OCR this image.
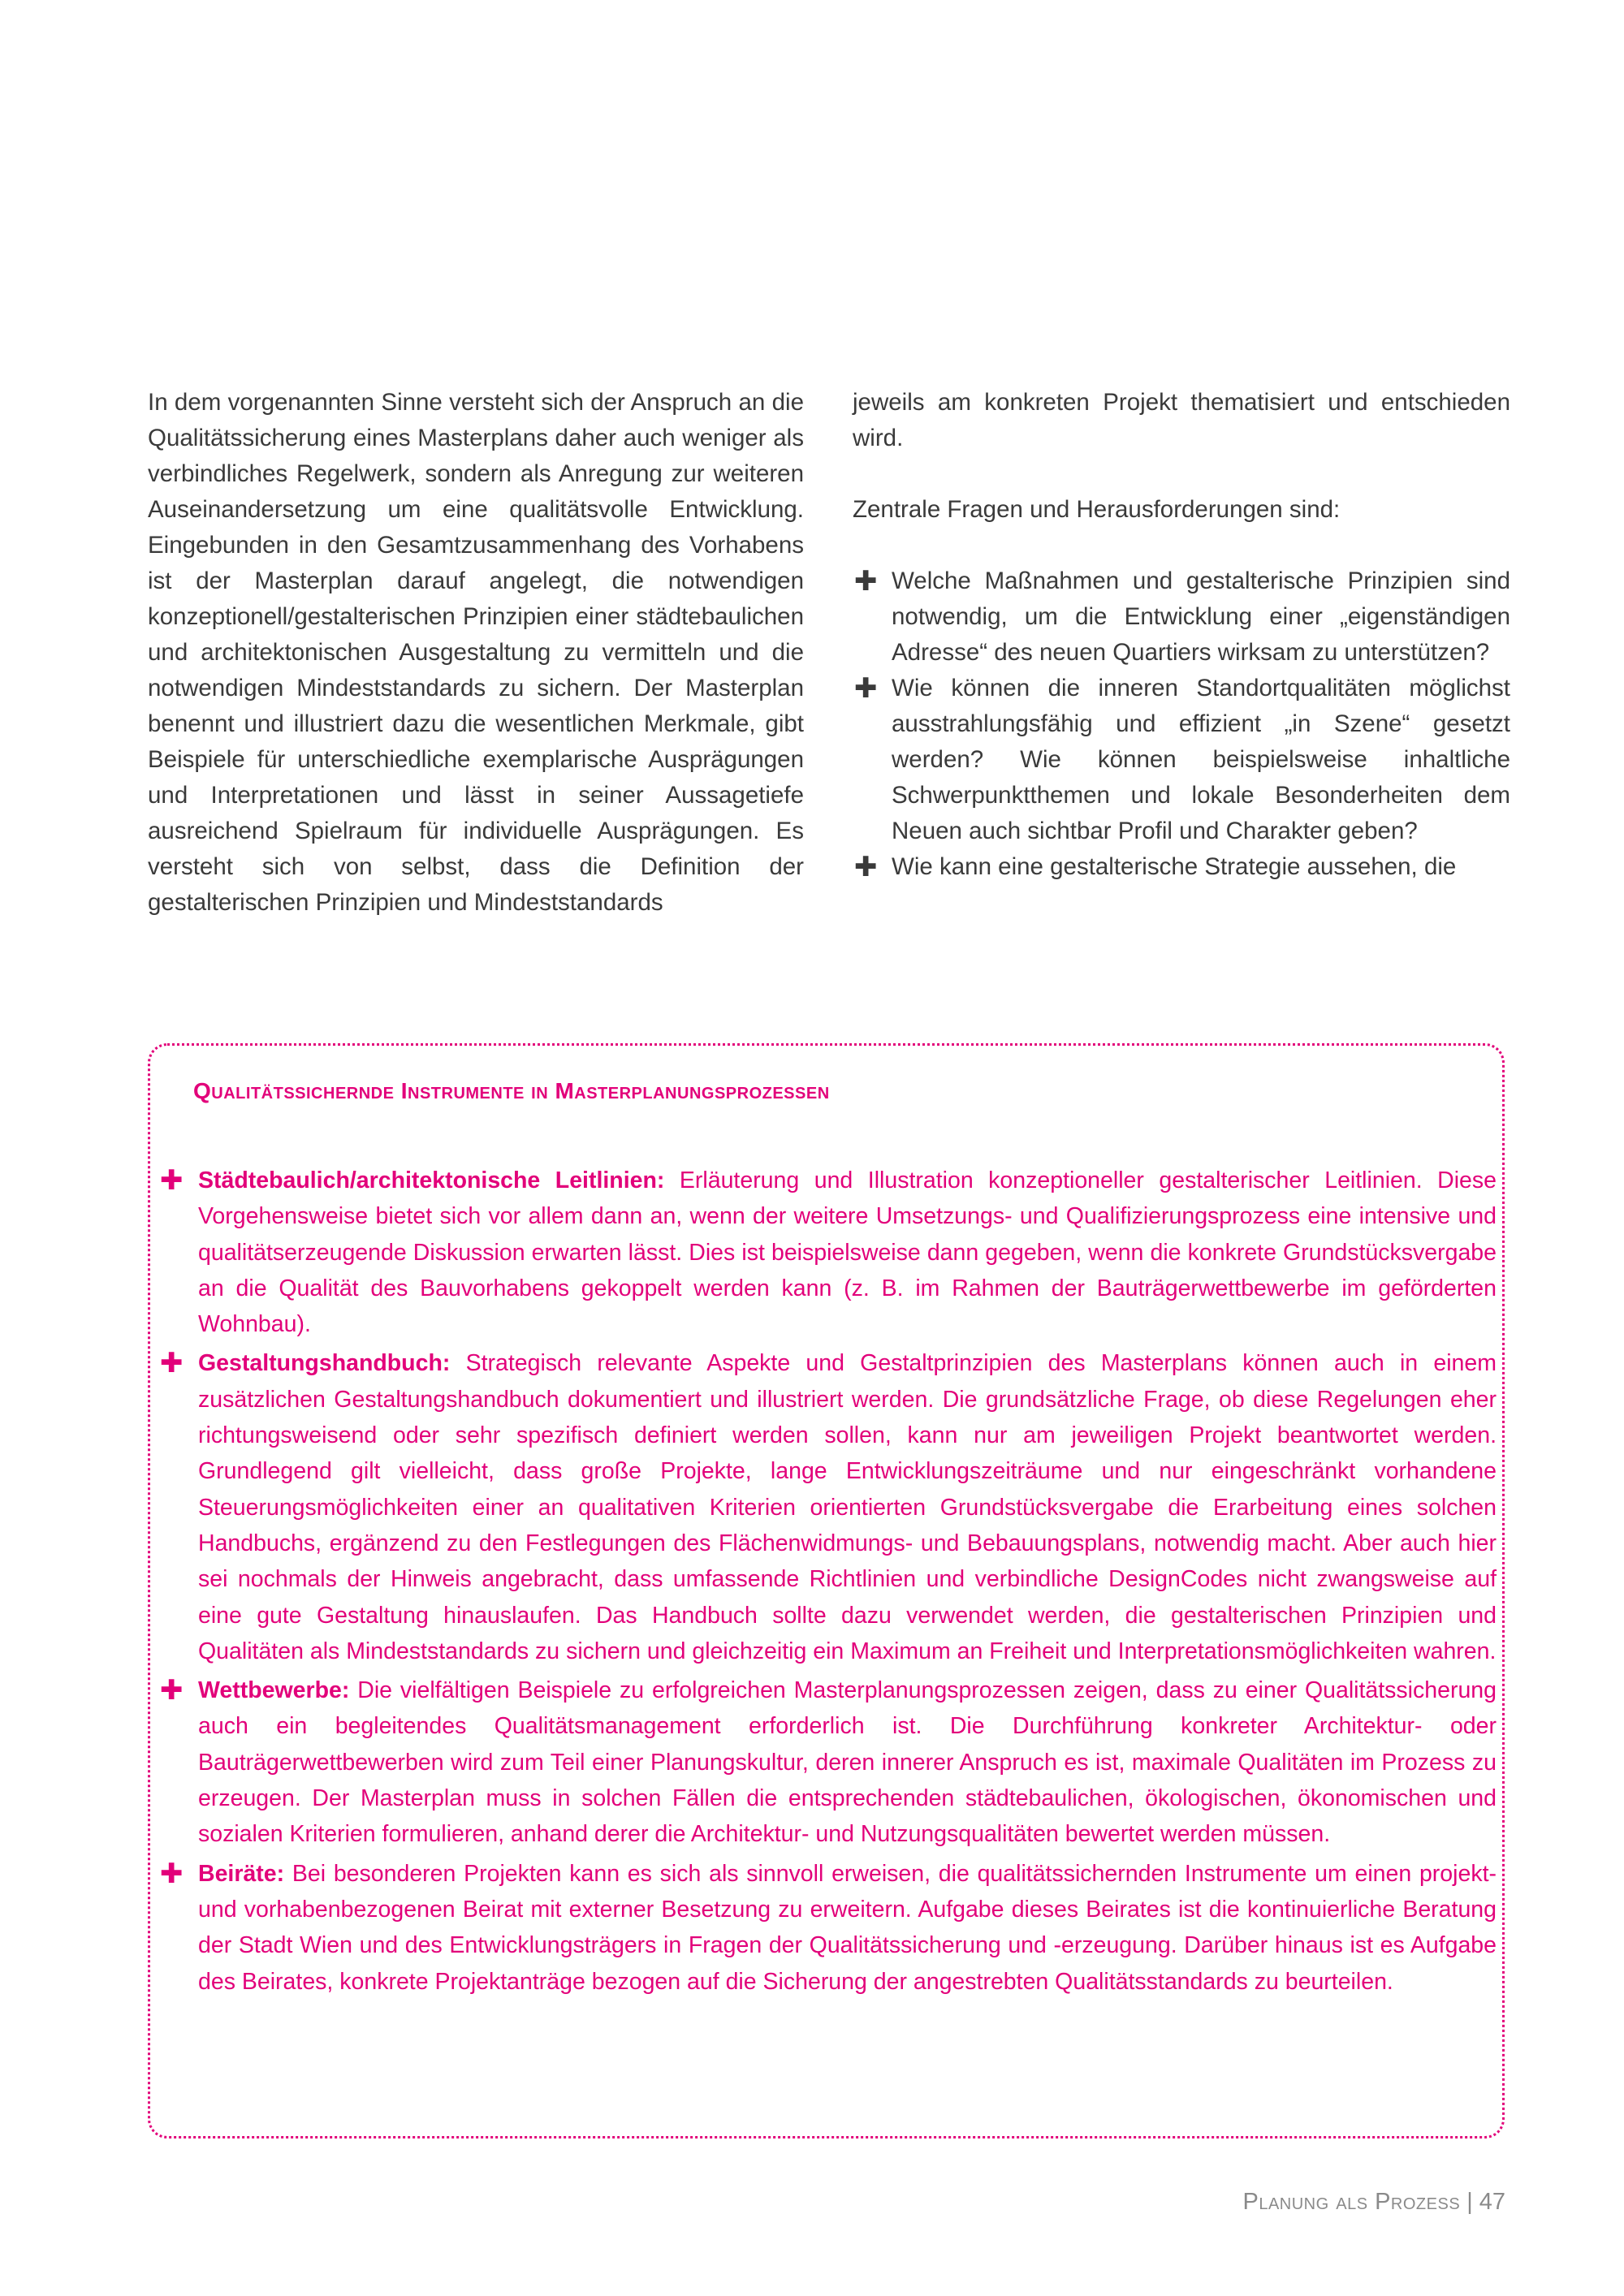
In dem vorgenannten Sinne versteht sich der Anspruch an die Qualitätssicherung eines Masterplans daher auch weniger als verbindliches Regelwerk, sondern als Anregung zur weiteren Auseinandersetzung um eine qualitätsvolle Entwicklung. Eingebunden in den Gesamtzusammenhang des Vorhabens ist der Masterplan darauf angelegt, die notwendigen konzeptionell/gestalterischen Prinzipien einer städtebaulichen und architektonischen Ausgestaltung zu vermitteln und die notwendigen Mindeststandards zu sichern. Der Masterplan benennt und illustriert dazu die wesentlichen Merkmale, gibt Beispiele für unterschiedliche exemplarische Ausprägungen und Interpretationen und lässt in seiner Aussagetiefe ausreichend Spielraum für individuelle Ausprägungen. Es versteht sich von selbst, dass die Definition der gestalterischen Prinzipien und Mindeststandards

jeweils am konkreten Projekt thematisiert und entschieden wird.

Zentrale Fragen und Herausforderungen sind:

✚ Welche Maßnahmen und gestalterische Prinzipien sind notwendig, um die Entwicklung einer „eigenständigen Adresse“ des neuen Quartiers wirksam zu unterstützen?
✚ Wie können die inneren Standortqualitäten möglichst ausstrahlungsfähig und effizient „in Szene“ gesetzt werden? Wie können beispielsweise inhaltliche Schwerpunktthemen und lokale Besonderheiten dem Neuen auch sichtbar Profil und Charakter geben?
✚ Wie kann eine gestalterische Strategie aussehen, die
Qualitätssichernde Instrumente in Masterplanungsprozessen
✚ Städtebaulich/architektonische Leitlinien: Erläuterung und Illustration konzeptioneller gestalterischer Leitlinien. Diese Vorgehensweise bietet sich vor allem dann an, wenn der weitere Umsetzungs- und Qualifizierungsprozess eine intensive und qualitätserzeugende Diskussion erwarten lässt. Dies ist beispielsweise dann gegeben, wenn die konkrete Grundstücksvergabe an die Qualität des Bauvorhabens gekoppelt werden kann (z. B. im Rahmen der Bauträgerwettbewerbe im geförderten Wohnbau).
✚ Gestaltungshandbuch: Strategisch relevante Aspekte und Gestaltprinzipien des Masterplans können auch in einem zusätzlichen Gestaltungshandbuch dokumentiert und illustriert werden. Die grundsätzliche Frage, ob diese Regelungen eher richtungsweisend oder sehr spezifisch definiert werden sollen, kann nur am jeweiligen Projekt beantwortet werden. Grundlegend gilt vielleicht, dass große Projekte, lange Entwicklungszeiträume und nur eingeschränkt vorhandene Steuerungsmöglichkeiten einer an qualitativen Kriterien orientierten Grundstücksvergabe die Erarbeitung eines solchen Handbuchs, ergänzend zu den Festlegungen des Flächenwidmungs- und Bebauungsplans, notwendig macht. Aber auch hier sei nochmals der Hinweis angebracht, dass umfassende Richtlinien und verbindliche DesignCodes nicht zwangsweise auf eine gute Gestaltung hinauslaufen. Das Handbuch sollte dazu verwendet werden, die gestalterischen Prinzipien und Qualitäten als Mindeststandards zu sichern und gleichzeitig ein Maximum an Freiheit und Interpretationsmöglichkeiten wahren.
✚ Wettbewerbe: Die vielfältigen Beispiele zu erfolgreichen Masterplanungsprozessen zeigen, dass zu einer Qualitätssicherung auch ein begleitendes Qualitätsmanagement erforderlich ist. Die Durchführung konkreter Architektur- oder Bauträgerwettbewerben wird zum Teil einer Planungskultur, deren innerer Anspruch es ist, maximale Qualitäten im Prozess zu erzeugen. Der Masterplan muss in solchen Fällen die entsprechenden städtebaulichen, ökologischen, ökonomischen und sozialen Kriterien formulieren, anhand derer die Architektur- und Nutzungsqualitäten bewertet werden müssen.
✚ Beiräte: Bei besonderen Projekten kann es sich als sinnvoll erweisen, die qualitätssichernden Instrumente um einen projekt- und vorhabenbezogenen Beirat mit externer Besetzung zu erweitern. Aufgabe dieses Beirates ist die kontinuierliche Beratung der Stadt Wien und des Entwicklungsträgers in Fragen der Qualitätssicherung und -erzeugung. Darüber hinaus ist es Aufgabe des Beirates, konkrete Projektanträge bezogen auf die Sicherung der angestrebten Qualitätsstandards zu beurteilen.
Planung als Prozess | 47
